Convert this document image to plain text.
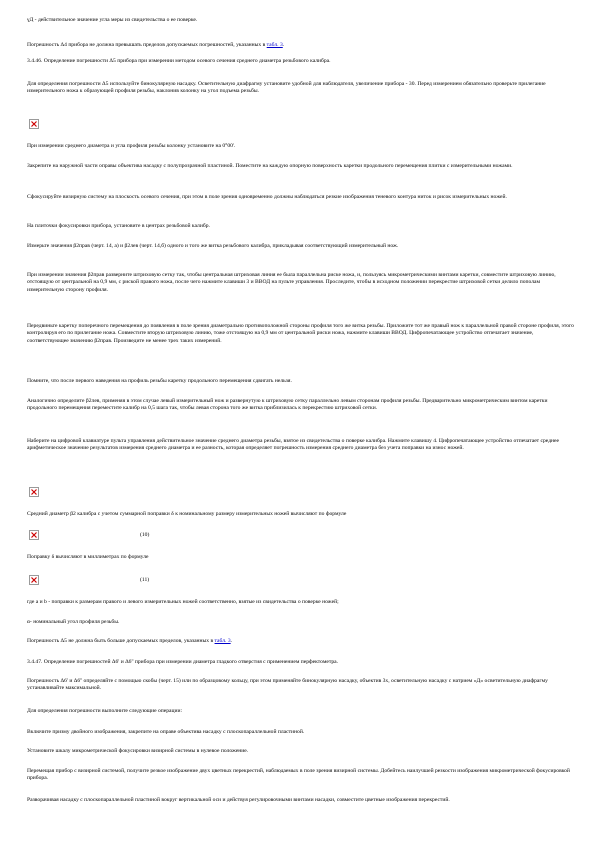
γД - действительное значение угла меры из свидетельства о ее поверке.

Погрешность Δ4 прибора не должна превышать пределов допускаемых погрешностей, указанных в табл. 3.

3.4.46. Определение погрешности Δ5 прибора при измерении методом осевого сечения среднего диаметра резьбового калибра.

Для определения погрешности Δ5 используйте бинокулярную насадку. Осветительную диафрагму установите удобной для наблюдателя, увеличение прибора - 30. Перед измерением обязательно проверьте прилегание измерительного ножа к образующей профиля резьбы, наклонив колонку на угол подъема резьбы.

При измерении среднего диаметра и угла профиля резьбы колонку установите на 0°00'.

Закрепите на наружной части оправы объектива насадку с полупрозрачной пластиной. Поместите на каждую опорную поверхность каретки продольного перемещения плитки с измерительными ножами.

Сфокусируйте визирную систему на плоскость осевого сечения, при этом в поле зрения одновременно должны наблюдаться резкие изображения теневого контура ниток и рисок измерительных ножей.

На плиточки фокусировки прибора, установите в центрах резьбовой калибр.

Измерьте значения β2прав (черт. 14, а) и β2лев (черт. 14,б) одного и того же витка резьбового калибра, прикладывая соответствующий измерительный нож.

При измерении значения β2прав разверните штриховую сетку так, чтобы центральная штриховая линия ее была параллельна риске ножа, и, пользуясь микрометрическими винтами каретки, совместите штриховую линию, отстоящую от центральной на 0,9 мм, с риской правого ножа, после чего нажмите клавиши 3 и ВВОД на пульте управления. Проследите, чтобы в исходном положении перекрестие штриховой сетки делило пополам измерительную сторону профиля.

Передвиньте каретку поперечного перемещения до появления в поле зрения диаметрально противоположной стороны профиля того же витка резьбы. Приложите тот же правый нож к параллельной правой стороне профиля, этого контролируя его по прилегание ножа. Совместите вторую штриховую линию, тоже отстоящую на 0,9 мм от центральной риски ножа, нажмите клавиши ВВОД. Цифропечатающее устройство отпечатает значение, соответствующее значению β2прав. Произведите не менее трех таких измерений.

Помните, что после первого наведения на профиль резьбы каретку продольного перемещения сдвигать нельзя.

Аналогично определите β2лев, применяя в этом случае левый измерительный нож и развернутую к штриховую сетку параллельно левым сторонам профиля резьбы. Предварительно микрометрическим винтом каретки продольного перемещения переместите калибр на 0,5 шага так, чтобы левая сторона того же витка приблизилась к перекрестию штриховой сетки.

Наберите на цифровой клавиатуре пульта управления действительное значение среднего диаметра резьбы, взятое из свидетельства о поверке калибра. Нажмите клавишу 4. Цифропечатающее устройство отпечатает среднее арифметическое значение результатов измерения среднего диаметра и ее разность, которая определяет погрешность измерения среднего диаметра без учета поправки на износ ножей.

Средний диаметр β2 калибра с учетом суммарной поправки δ к номинальному размеру измерительных ножей вычисляют по формуле

(10)

Поправку δ вычисляют в миллиметрах по формуле

(11)

где a и b - поправки к размерам правого и левого измерительных ножей соответственно, взятые из свидетельства о поверке ножей;

α- номинальный угол профиля резьбы.

Погрешность Δ5 не должна быть больше допускаемых пределов, указанных в табл. 3.

3.4.47. Определение погрешностей Δ6' и Δ6'' прибора при измерении диаметра гладкого отверстия с применением перфектометра.

Погрешность Δ6' и Δ6'' определяйте с помощью скобы (черт. 15) или по образцовому кольцу, при этом применяйте бинокулярную насадку, объектив 3х, осветительную насадку с натрием «Д» осветительную диафрагму устанавливайте максимальной.

Для определения погрешности выполните следующие операции:

Включите призму двойного изображения, закрепите на оправе объектива насадку с плоскопараллельной пластиной.

Установите шкалу микрометрической фокусировки визирной системы в нулевое положение.

Перемещая прибор с визирной системой, получите резкое изображение двух цветных перекрестий, наблюдаемых в поле зрения визирной системы. Добейтесь наилучшей резкости изображения микрометрической фокусировкой прибора.

Разворачивая насадку с плоскопараллельной пластиной вокруг вертикальной оси и действуя регулировочными винтами насадки, совместите цветные изображения перекрестий.
